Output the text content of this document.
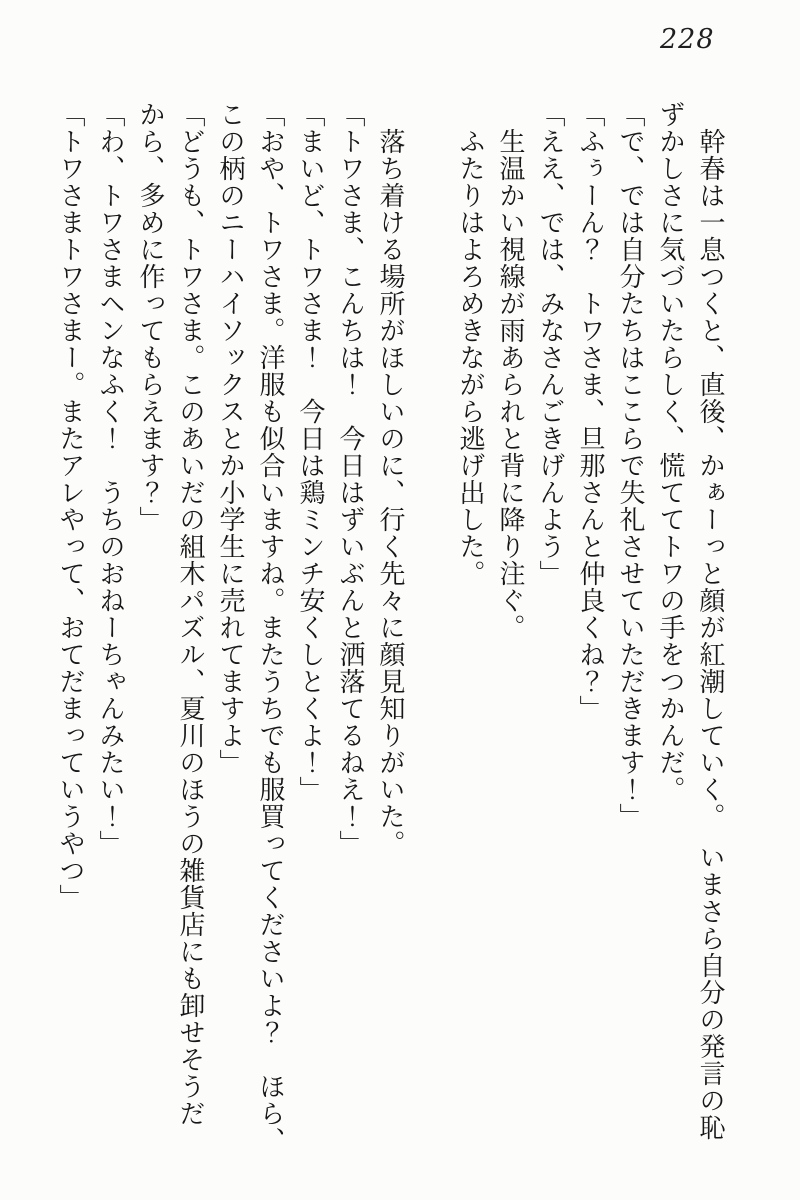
228

　幹春は一息つくと、直後、かぁーっと顔が紅潮していく。　いまさら自分の発言の恥

ずかしさに気づいたらしく、慌ててトワの手をつかんだ。

「で、では自分たちはここらで失礼させていただきます！」

「ふぅーん？　トワさま、旦那さんと仲良くね？」

「ええ、では、みなさんごきげんよう」

　生温かい視線が雨あられと背に降り注ぐ。

　ふたりはよろめきながら逃げ出した。

　落ち着ける場所がほしいのに、行く先々に顔見知りがいた。

「トワさま、こんちは！　今日はずいぶんと洒落てるねえ！」

「まいど、トワさま！　今日は鶏ミンチ安くしとくよ！」

「おや、トワさま。洋服も似合いますね。またうちでも服買ってくださいよ？　ほら、

この柄のニーハイソックスとか小学生に売れてますよ」

「どうも、トワさま。このあいだの組木パズル、夏川のほうの雑貨店にも卸せそうだ

から、多めに作ってもらえます？」

「わ、トワさまヘンなふく！　うちのおねーちゃんみたい！」

「トワさまトワさまー。またアレやって、おてだまっていうやつ」
